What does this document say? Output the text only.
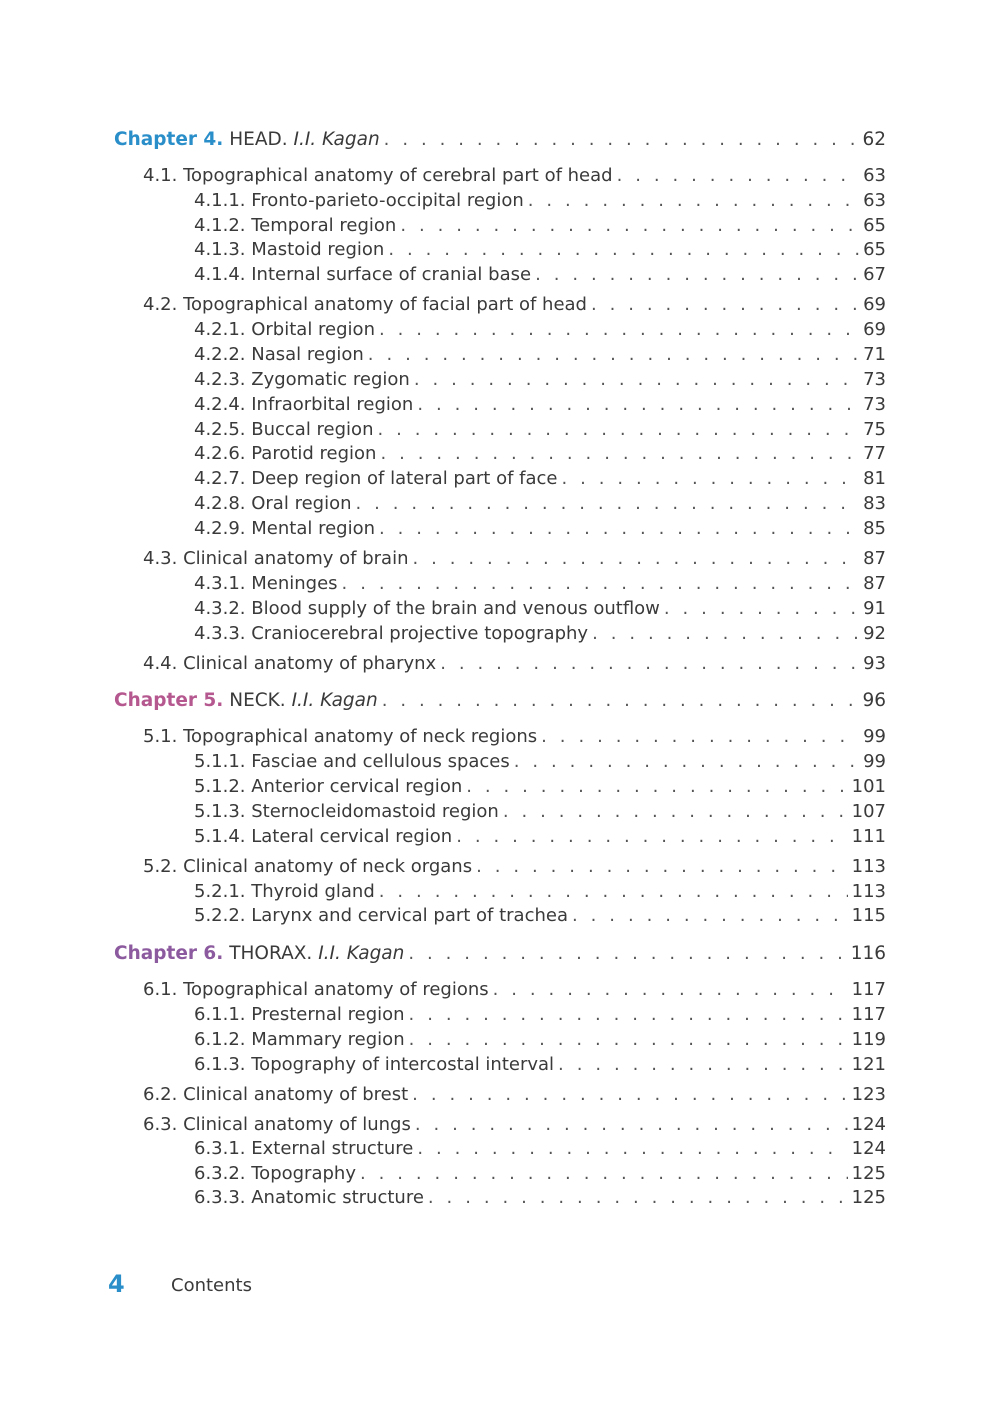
Chapter 4. HEAD. I.I. Kagan . . .	62
4.1. Topographical anatomy of cerebral part of head . . .	63
4.1.1. Fronto-parieto-occipital region . . .	63
4.1.2. Temporal region . . .	65
4.1.3. Mastoid region . . .	65
4.1.4. Internal surface of cranial base . . .	67
4.2. Topographical anatomy of facial part of head . . .	69
4.2.1. Orbital region . . .	69
4.2.2. Nasal region . . .	71
4.2.3. Zygomatic region . . .	73
4.2.4. Infraorbital region . . .	73
4.2.5. Buccal region . . .	75
4.2.6. Parotid region . . .	77
4.2.7. Deep region of lateral part of face . . .	81
4.2.8. Oral region . . .	83
4.2.9. Mental region . . .	85
4.3. Clinical anatomy of brain . . .	87
4.3.1. Meninges . . .	87
4.3.2. Blood supply of the brain and venous outflow . . .	91
4.3.3. Craniocerebral projective topography . . .	92
4.4. Clinical anatomy of pharynx . . .	93
Chapter 5. NECK. I.I. Kagan . . .	96
5.1. Topographical anatomy of neck regions . . .	99
5.1.1. Fasciae and cellulous spaces . . .	99
5.1.2. Anterior cervical region . . .	101
5.1.3. Sternocleidomastoid region . . .	107
5.1.4. Lateral cervical region . . .	111
5.2. Clinical anatomy of neck organs . . .	113
5.2.1. Thyroid gland . . .	113
5.2.2. Larynx and cervical part of trachea . . .	115
Chapter 6. THORAX. I.I. Kagan . . .	116
6.1. Topographical anatomy of regions . . .	117
6.1.1. Presternal region . . .	117
6.1.2. Mammary region . . .	119
6.1.3. Topography of intercostal interval . . .	121
6.2. Clinical anatomy of brest . . .	123
6.3. Clinical anatomy of lungs . . .	124
6.3.1. External structure . . .	124
6.3.2. Topography . . .	125
6.3.3. Anatomic structure . . .	125
4	Contents
